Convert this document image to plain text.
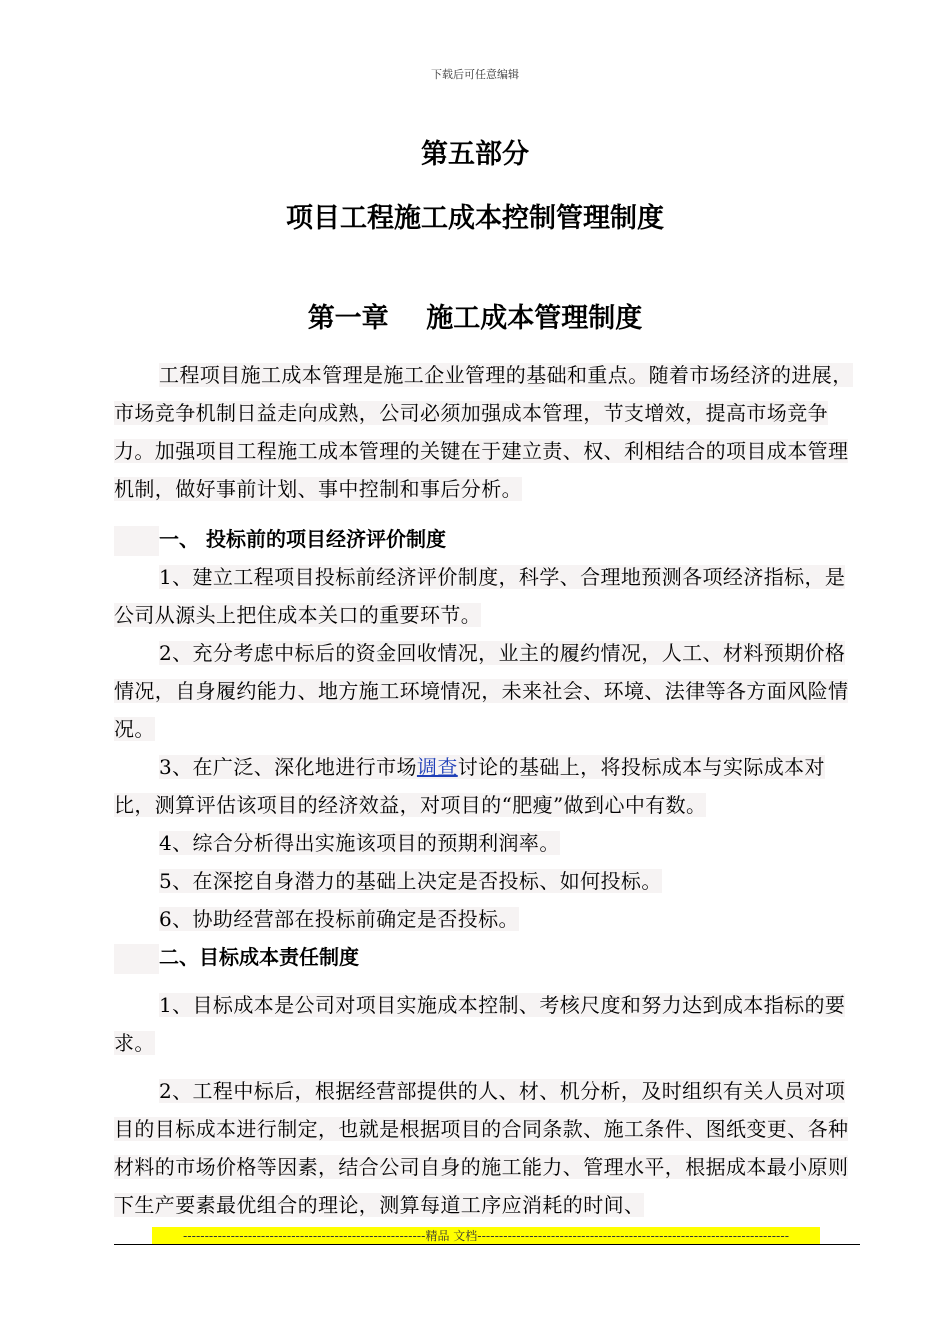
下载后可任意编辑
第五部分
项目工程施工成本控制管理制度
第一章    施工成本管理制度

工程项目施工成本管理是施工企业管理的基础和重点。随着市场经济的进展，市场竞争机制日益走向成熟，公司必须加强成本管理，节支增效，提高市场竞争力。加强项目工程施工成本管理的关键在于建立责、权、利相结合的项目成本管理机制，做好事前计划、事中控制和事后分析。

一、 投标前的项目经济评价制度

1、建立工程项目投标前经济评价制度，科学、合理地预测各项经济指标，是公司从源头上把住成本关口的重要环节。

2、充分考虑中标后的资金回收情况，业主的履约情况，人工、材料预期价格情况，自身履约能力、地方施工环境情况，未来社会、环境、法律等各方面风险情况。

3、在广泛、深化地进行市场调查讨论的基础上，将投标成本与实际成本对比，测算评估该项目的经济效益，对项目的“肥瘦”做到心中有数。

4、综合分析得出实施该项目的预期利润率。

5、在深挖自身潜力的基础上决定是否投标、如何投标。

6、协助经营部在投标前确定是否投标。

二、目标成本责任制度

1、目标成本是公司对项目实施成本控制、考核尺度和努力达到成本指标的要求。

2、工程中标后，根据经营部提供的人、材、机分析，及时组织有关人员对项目的目标成本进行制定，也就是根据项目的合同条款、施工条件、图纸变更、各种材料的市场价格等因素，结合公司自身的施工能力、管理水平，根据成本最小原则下生产要素最优组合的理论，测算每道工序应消耗的时间、

--------------------------------------------------------精品 文档------------------------------------------------------------------------
